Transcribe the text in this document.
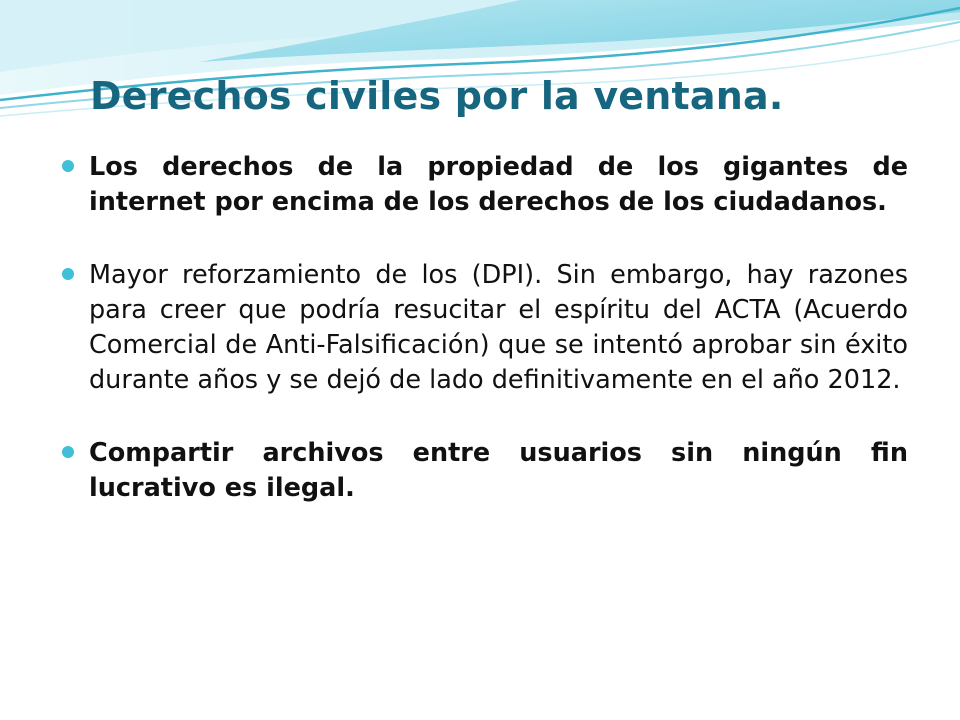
Derechos civiles por la ventana.
Los derechos de la propiedad de los gigantes de internet por encima de los derechos de los ciudadanos.
Mayor reforzamiento de los (DPI). Sin embargo, hay razones para creer que podría resucitar el espíritu del ACTA (Acuerdo Comercial de Anti-Falsificación) que se intentó aprobar sin éxito durante años y se dejó de lado definitivamente en el año 2012.
Compartir archivos entre usuarios sin ningún fin lucrativo es ilegal.
